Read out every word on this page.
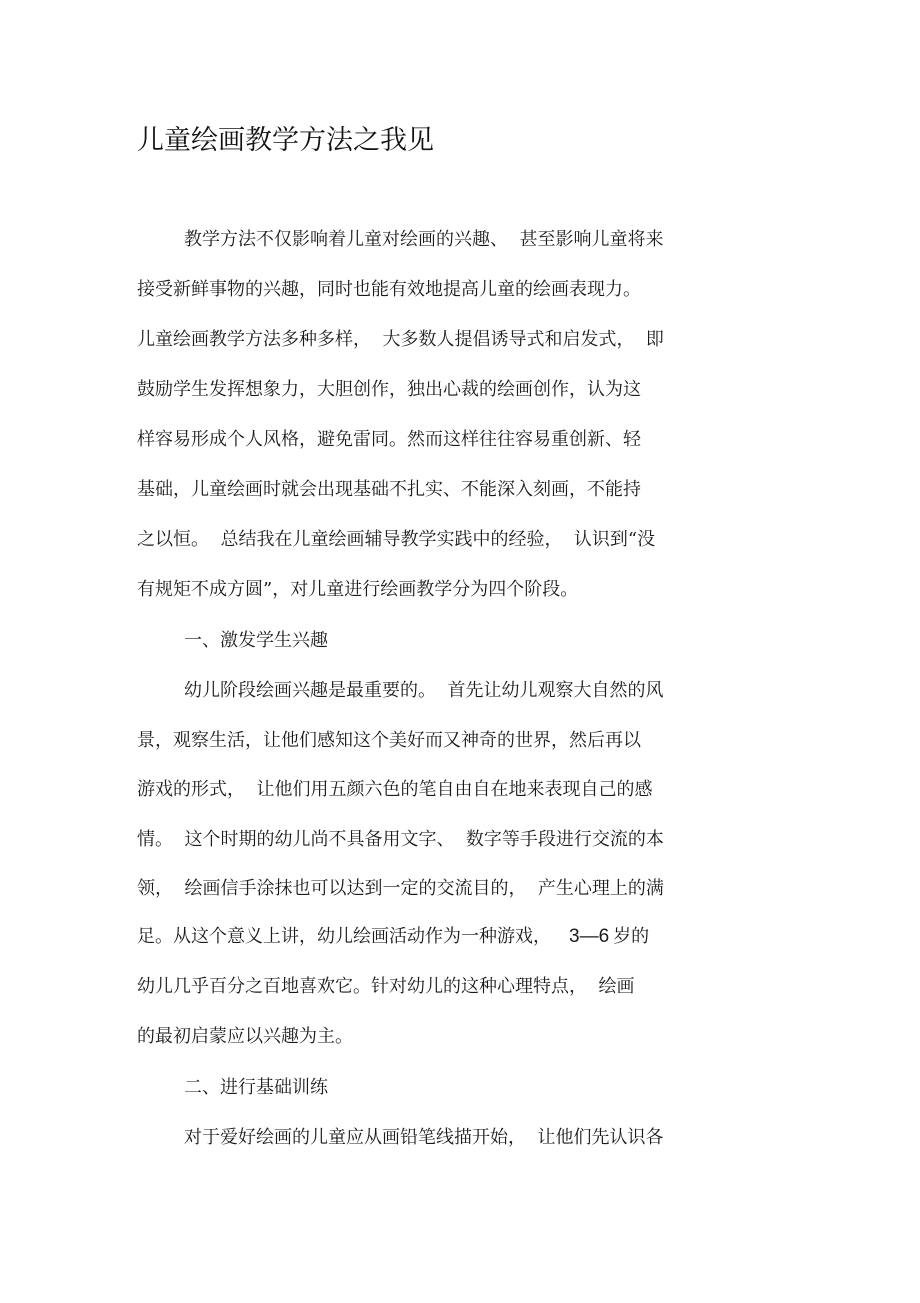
儿童绘画教学方法之我见
教学方法不仅影响着儿童对绘画的兴趣、  甚至影响儿童将来
接受新鲜事物的兴趣，同时也能有效地提高儿童的绘画表现力。
儿童绘画教学方法多种多样，  大多数人提倡诱导式和启发式，  即
鼓励学生发挥想象力，大胆创作，独出心裁的绘画创作，认为这
样容易形成个人风格，避免雷同。然而这样往往容易重创新、轻
基础，儿童绘画时就会出现基础不扎实、不能深入刻画，不能持
之以恒。  总结我在儿童绘画辅导教学实践中的经验，  认识到“没
有规矩不成方圆”，对儿童进行绘画教学分为四个阶段。
一、激发学生兴趣
幼儿阶段绘画兴趣是最重要的。  首先让幼儿观察大自然的风
景，观察生活，让他们感知这个美好而又神奇的世界，然后再以
游戏的形式，  让他们用五颜六色的笔自由自在地来表现自己的感
情。  这个时期的幼儿尚不具备用文字、  数字等手段进行交流的本
领，  绘画信手涂抹也可以达到一定的交流目的，  产生心理上的满
足。从这个意义上讲，幼儿绘画活动作为一种游戏， 3—6 岁的
幼儿几乎百分之百地喜欢它。针对幼儿的这种心理特点，  绘画
的最初启蒙应以兴趣为主。
二、进行基础训练
对于爱好绘画的儿童应从画铅笔线描开始，  让他们先认识各
